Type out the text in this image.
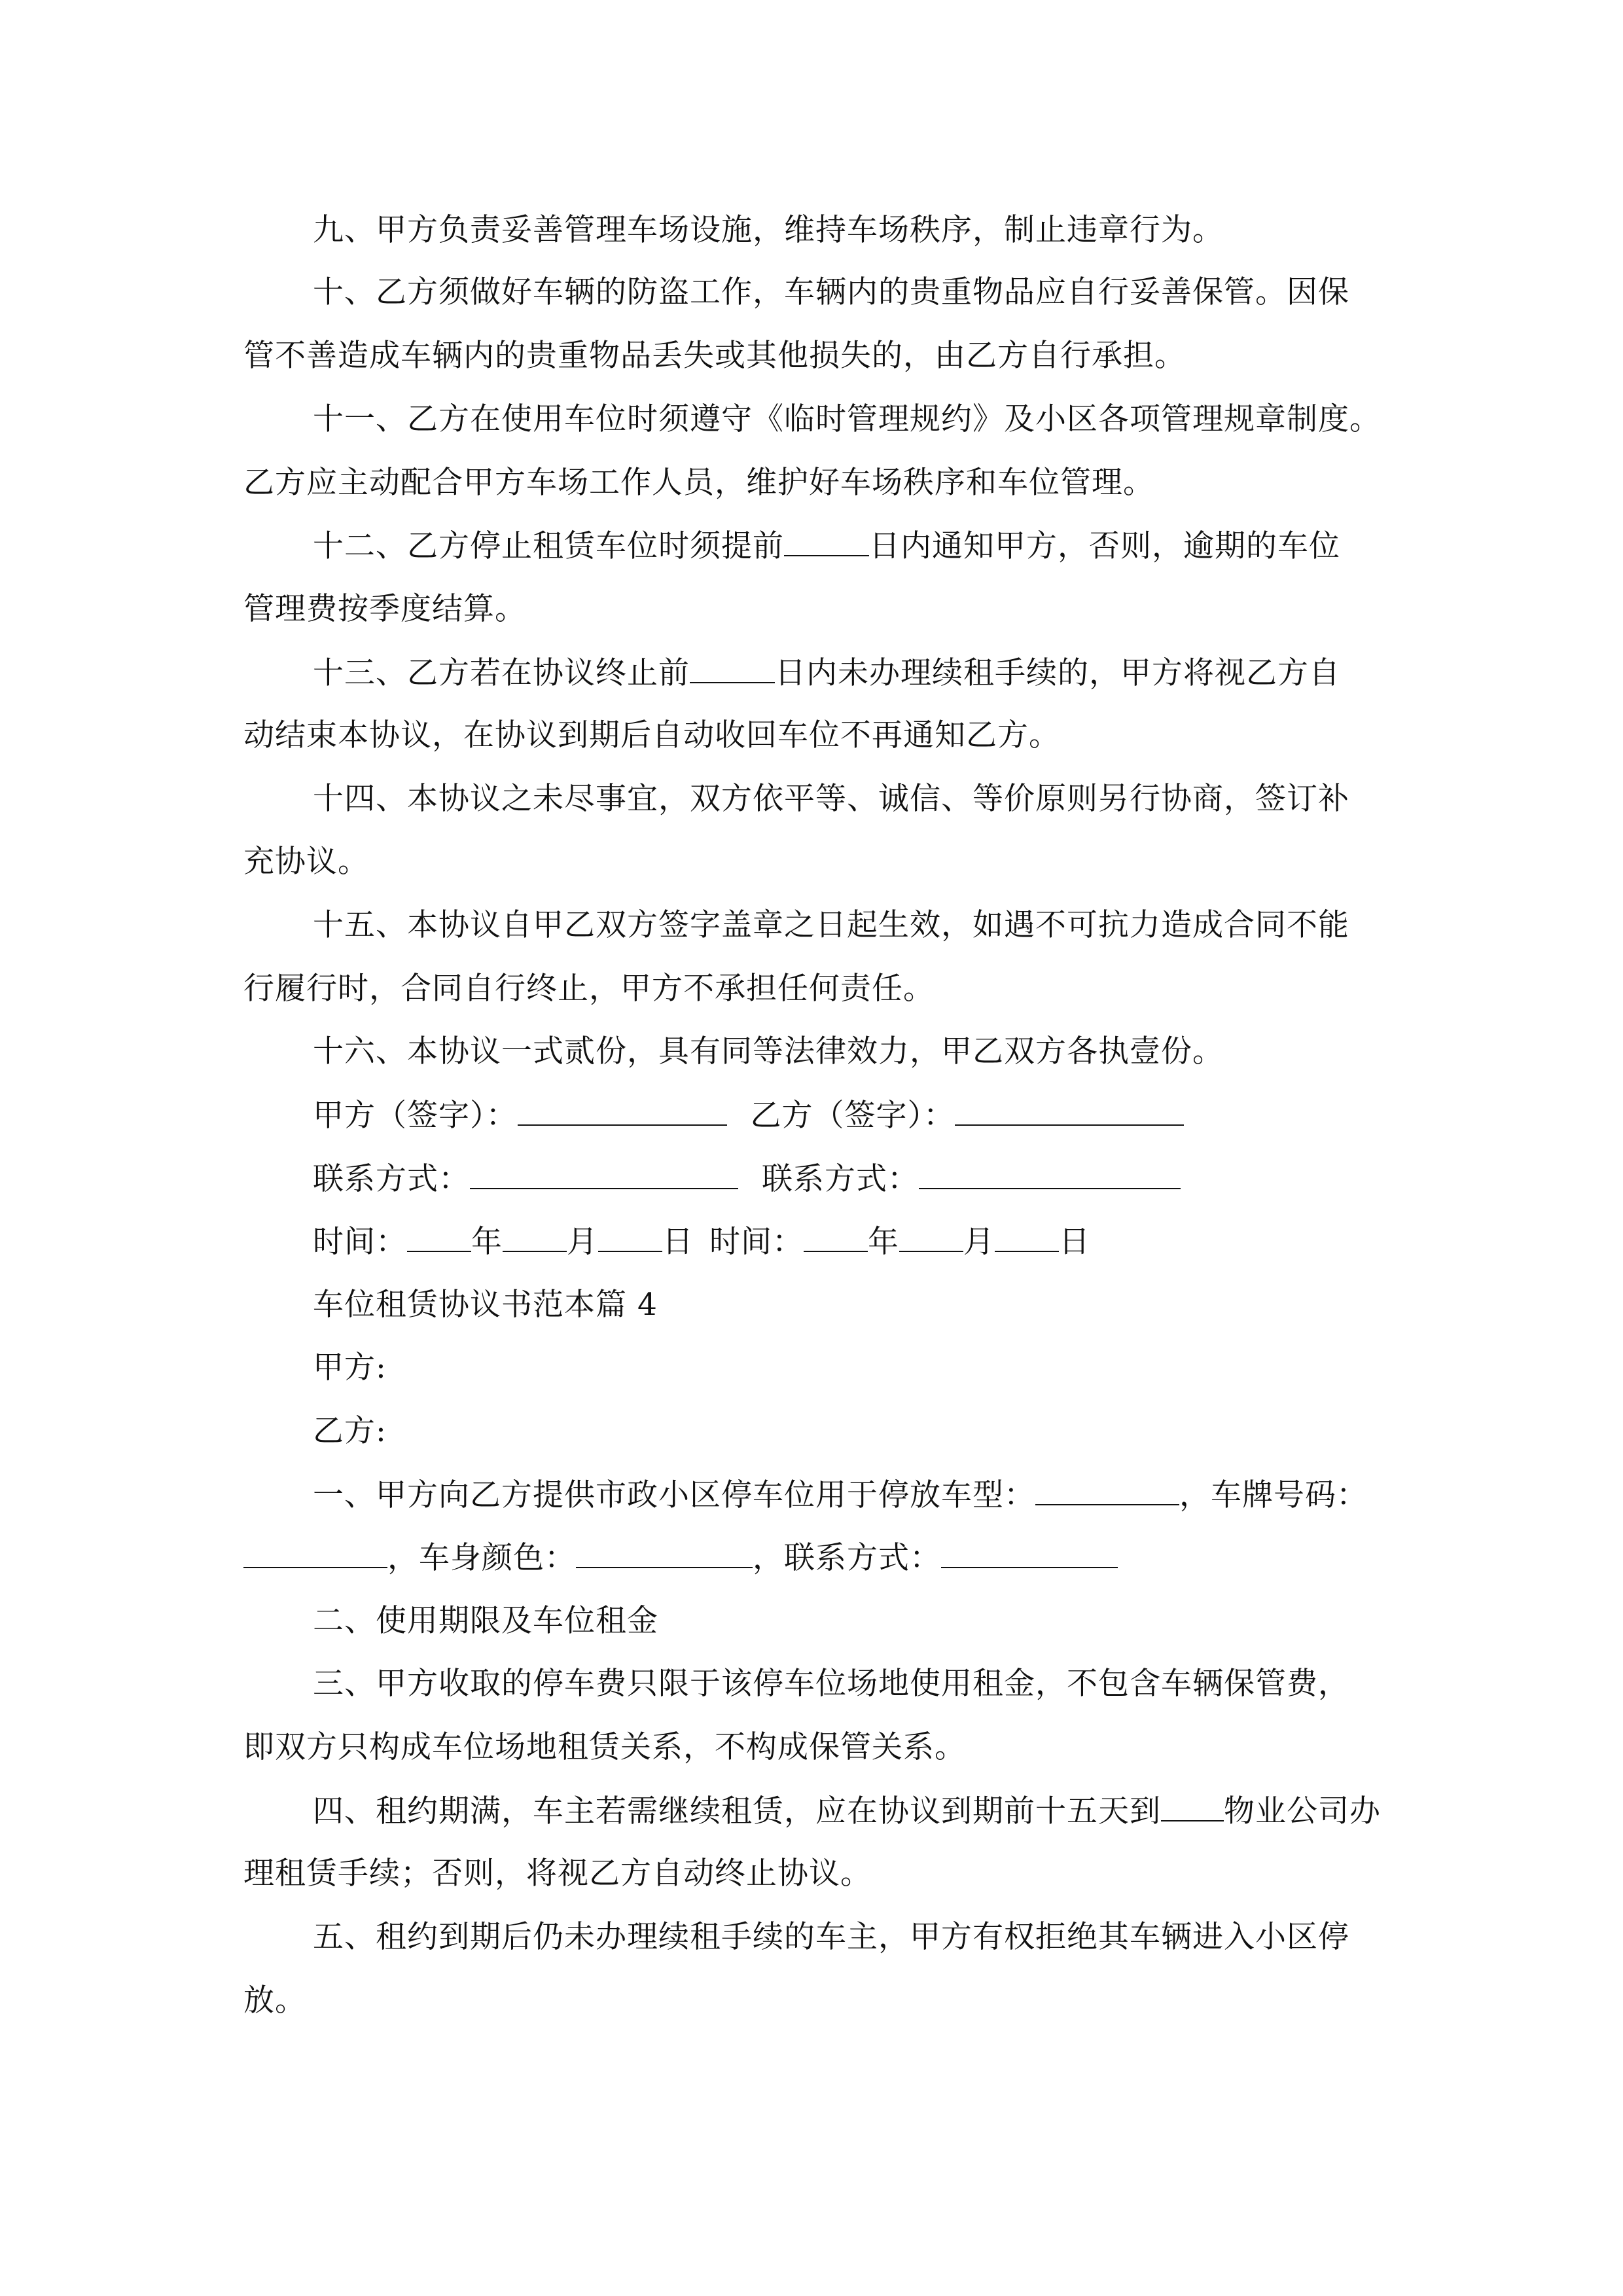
九、甲方负责妥善管理车场设施，维持车场秩序，制止违章行为。
十、乙方须做好车辆的防盗工作，车辆内的贵重物品应自行妥善保管。因保
管不善造成车辆内的贵重物品丢失或其他损失的，由乙方自行承担。
十一、乙方在使用车位时须遵守《临时管理规约》及小区各项管理规章制度。
乙方应主动配合甲方车场工作人员，维护好车场秩序和车位管理。
十二、乙方停止租赁车位时须提前	日内通知甲方，否则，逾期的车位
管理费按季度结算。
十三、乙方若在协议终止前	日内未办理续租手续的，甲方将视乙方自
动结束本协议，在协议到期后自动收回车位不再通知乙方。
十四、本协议之未尽事宜，双方依平等、诚信、等价原则另行协商，签订补
充协议。
十五、本协议自甲乙双方签字盖章之日起生效，如遇不可抗力造成合同不能
行履行时，合同自行终止，甲方不承担任何责任。
十六、本协议一式贰份，具有同等法律效力，甲乙双方各执壹份。
甲方（签字）：	乙方（签字）：
联系方式：	联系方式：
时间： 年 月 日 时间： 年 月 日
车位租赁协议书范本篇 4
甲方:
乙方:
一、甲方向乙方提供市政小区停车位用于停放车型：	，车牌号码：
，车身颜色：	，联系方式：
二、使用期限及车位租金
三、甲方收取的停车费只限于该停车位场地使用租金，不包含车辆保管费，
即双方只构成车位场地租赁关系，不构成保管关系。
四、租约期满，车主若需继续租赁，应在协议到期前十五天到 物业公司办
理租赁手续；否则，将视乙方自动终止协议。
五、租约到期后仍未办理续租手续的车主，甲方有权拒绝其车辆进入小区停
放。
